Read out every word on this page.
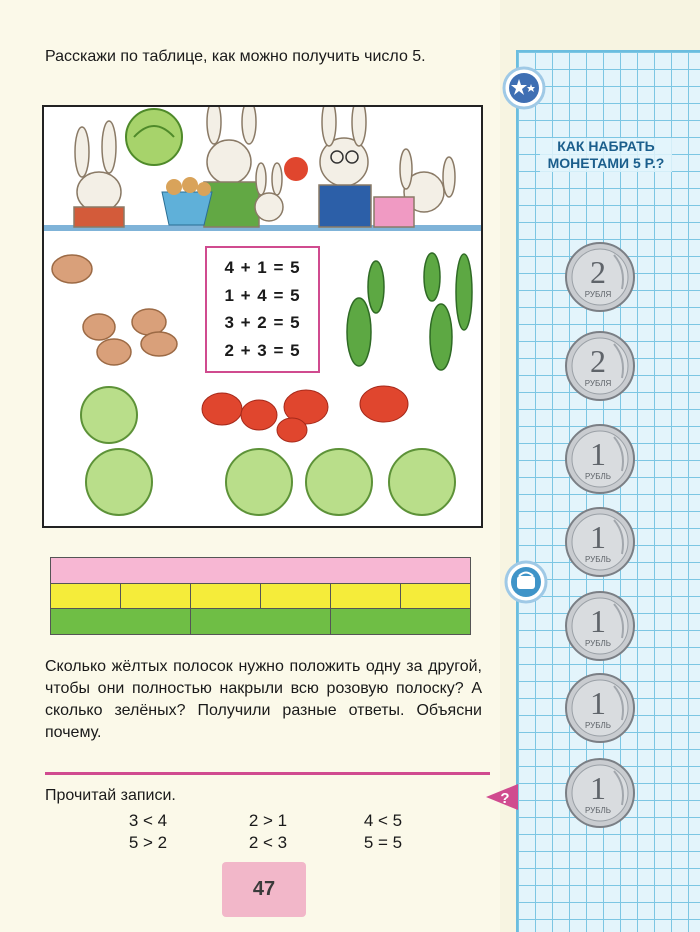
Расскажи по таблице, как можно получить число 5.
4 + 1 = 5
1 + 4 = 5
3 + 2 = 5
2 + 3 = 5
Сколько жёлтых полосок нужно положить одну за другой, чтобы они полностью накрыли всю розовую полоску? А сколько зелёных? Получили разные ответы. Объясни почему.
?
Прочитай записи.
3 < 4	2 > 1	4 < 5
5 > 2	2 < 3	5 = 5
47
КАК НАБРАТЬ МОНЕТАМИ 5 Р.?
2
РУБЛЯ
2
РУБЛЯ
1
РУБЛЬ
1
РУБЛЬ
1
РУБЛЬ
1
РУБЛЬ
1
РУБЛЬ
